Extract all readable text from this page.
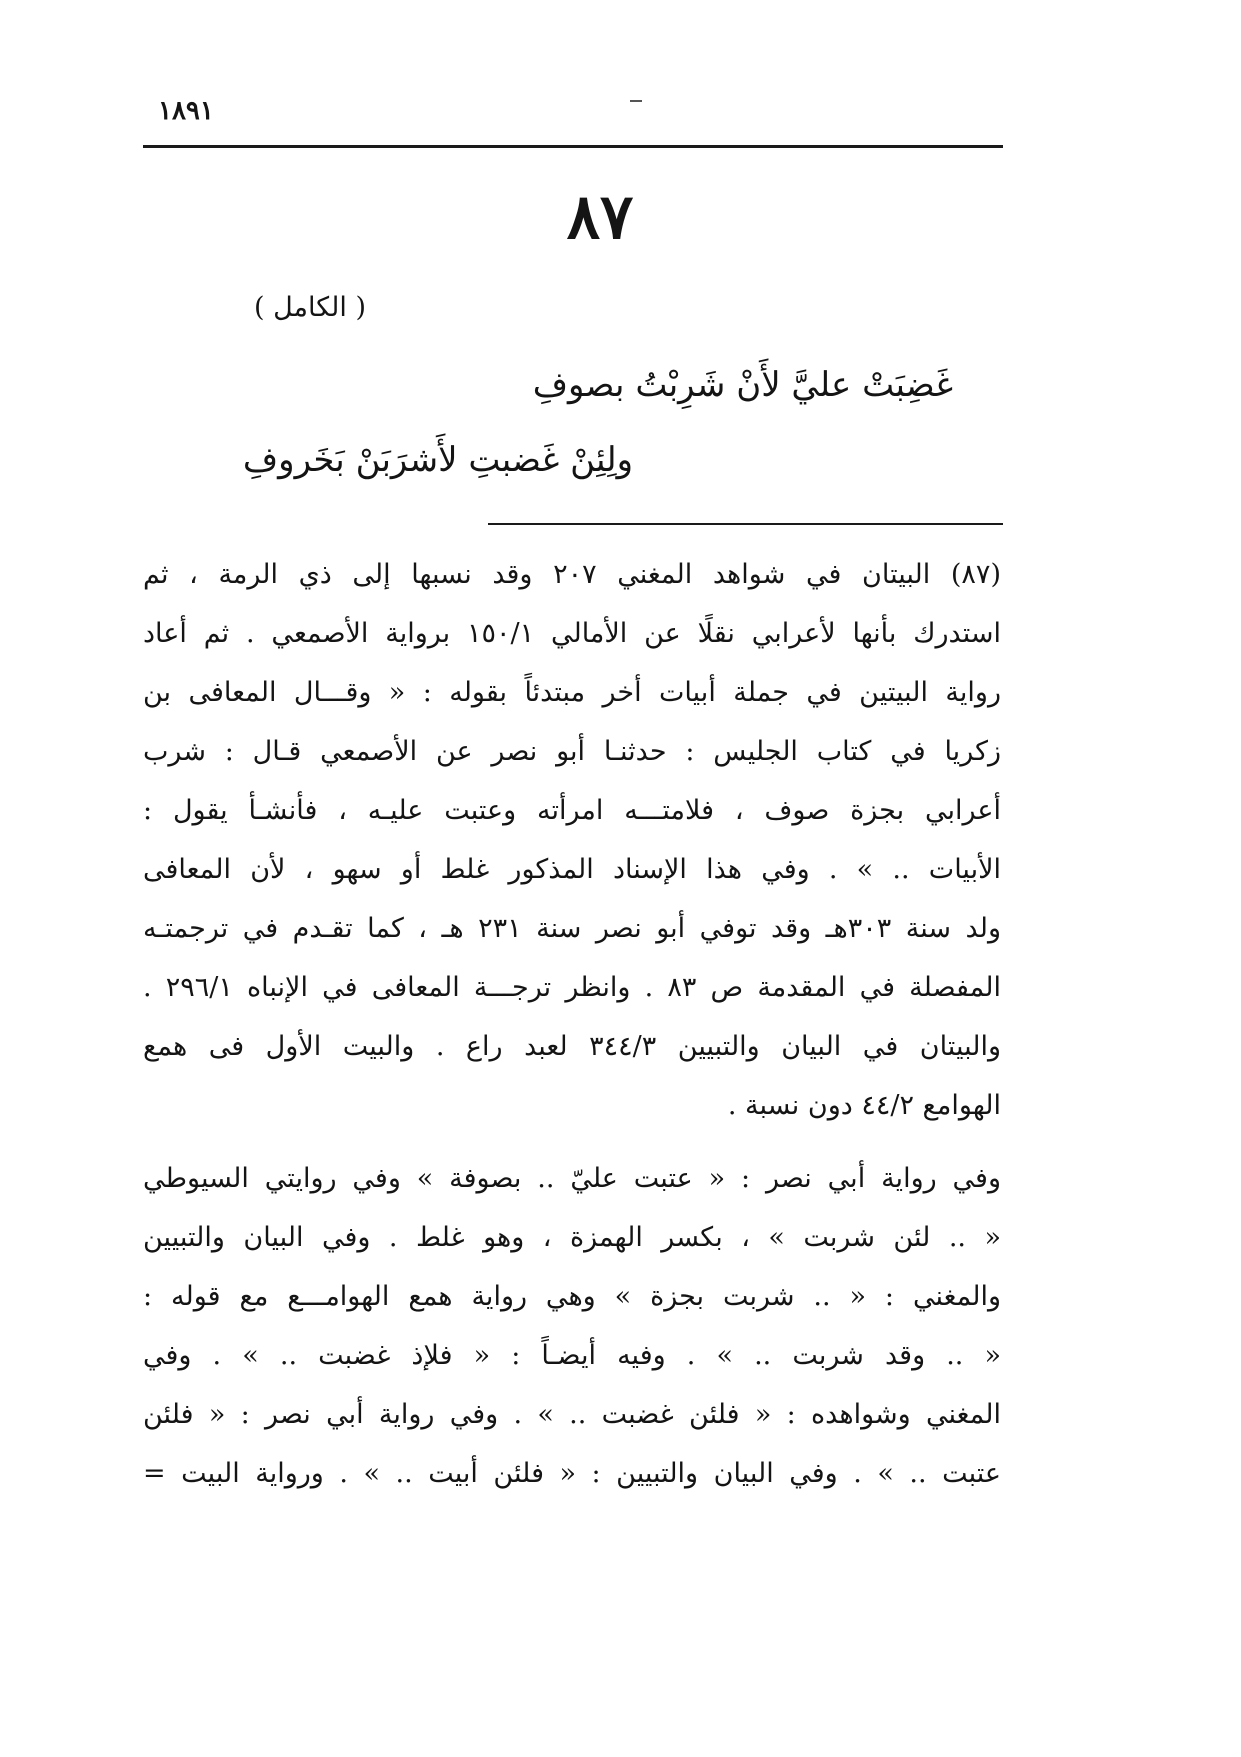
١٨٩١
٨٧
( الكامل )
غَضِبَتْ عليَّ لأَنْ شَرِبْتُ بصوفِ
ولِئِنْ غَضبتِ لأَشرَبَنْ بَخَروفِ
(٨٧) البيتان في شواهد المغني ٢٠٧ وقد نسبها إلى ذي الرمة ، ثم
استدرك بأنها لأعرابي نقلًا عن الأمالي ١٥٠/١ برواية الأصمعي . ثم أعاد
رواية البيتين في جملة أبيات أخر مبتدئاً بقوله : « وقـــال المعافى بن
زكريا في كتاب الجليس : حدثنـا أبو نصر عن الأصمعي قـال : شرب
أعرابي بجزة صوف ، فلامتـــه امرأته وعتبت عليـه ، فأنشـأ يقول :
الأبيات .. » . وفي هذا الإسناد المذكور غلط أو سهو ، لأن المعافى
ولد سنة ٣٠٣هـ وقد توفي أبو نصر سنة ٢٣١ هـ ، كما تقـدم في ترجمتـه
المفصلة في المقدمة ص ٨٣ . وانظر ترجـــة المعافى في الإنباه ٢٩٦/١ .
والبيتان في البيان والتبيين ٣٤٤/٣ لعبد راع . والبيت الأول فى همع
الهوامع ٤٤/٢ دون نسبة .
وفي رواية أبي نصر : « عتبت عليّ .. بصوفة » وفي روايتي السيوطي
« .. لئن شربت » ، بكسر الهمزة ، وهو غلط . وفي البيان والتبيين
والمغني : « .. شربت بجزة » وهي رواية همع الهوامـــع مع قوله :
« .. وقد شربت .. » . وفيه أيضـاً : « فلإذ غضبت .. » . وفي
المغني وشواهده : « فلئن غضبت .. » . وفي رواية أبي نصر : « فلئن
عتبت .. » . وفي البيان والتبيين : « فلئن أبيت .. » . ورواية البيت =
